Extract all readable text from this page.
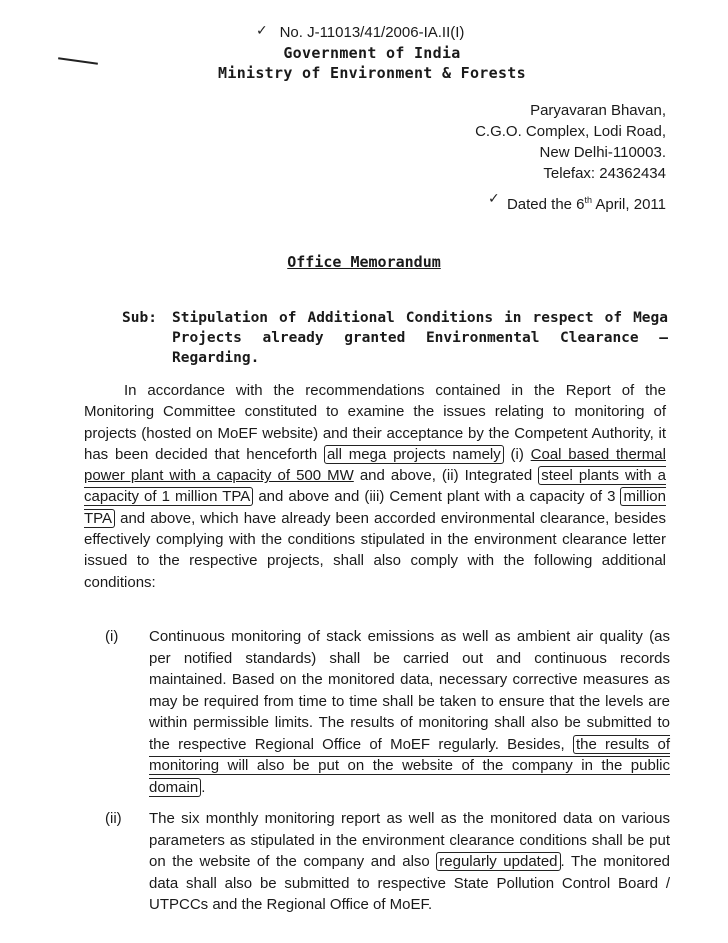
✓
✓
No. J-11013/41/2006-IA.II(I)
Government of India
Ministry of Environment & Forests
Paryavaran Bhavan,
C.G.O. Complex, Lodi Road,
New Delhi-110003.
Telefax: 24362434
Dated the 6th April, 2011
Office Memorandum
Sub: Stipulation of Additional Conditions in respect of Mega Projects already granted Environmental Clearance – Regarding.
In accordance with the recommendations contained in the Report of the Monitoring Committee constituted to examine the issues relating to monitoring of projects (hosted on MoEF website) and their acceptance by the Competent Authority, it has been decided that henceforth all mega projects namely (i) Coal based thermal power plant with a capacity of 500 MW and above, (ii) Integrated steel plants with a capacity of 1 million TPA and above and (iii) Cement plant with a capacity of 3 million TPA and above, which have already been accorded environmental clearance, besides effectively complying with the conditions stipulated in the environment clearance letter issued to the respective projects, shall also comply with the following additional conditions:
(i) Continuous monitoring of stack emissions as well as ambient air quality (as per notified standards) shall be carried out and continuous records maintained. Based on the monitored data, necessary corrective measures as may be required from time to time shall be taken to ensure that the levels are within permissible limits. The results of monitoring shall also be submitted to the respective Regional Office of MoEF regularly. Besides, the results of monitoring will also be put on the website of the company in the public domain .
(ii) The six monthly monitoring report as well as the monitored data on various parameters as stipulated in the environment clearance conditions shall be put on the website of the company and also regularly updated . The monitored data shall also be submitted to respective State Pollution Control Board / UTPCCs and the Regional Office of MoEF.
